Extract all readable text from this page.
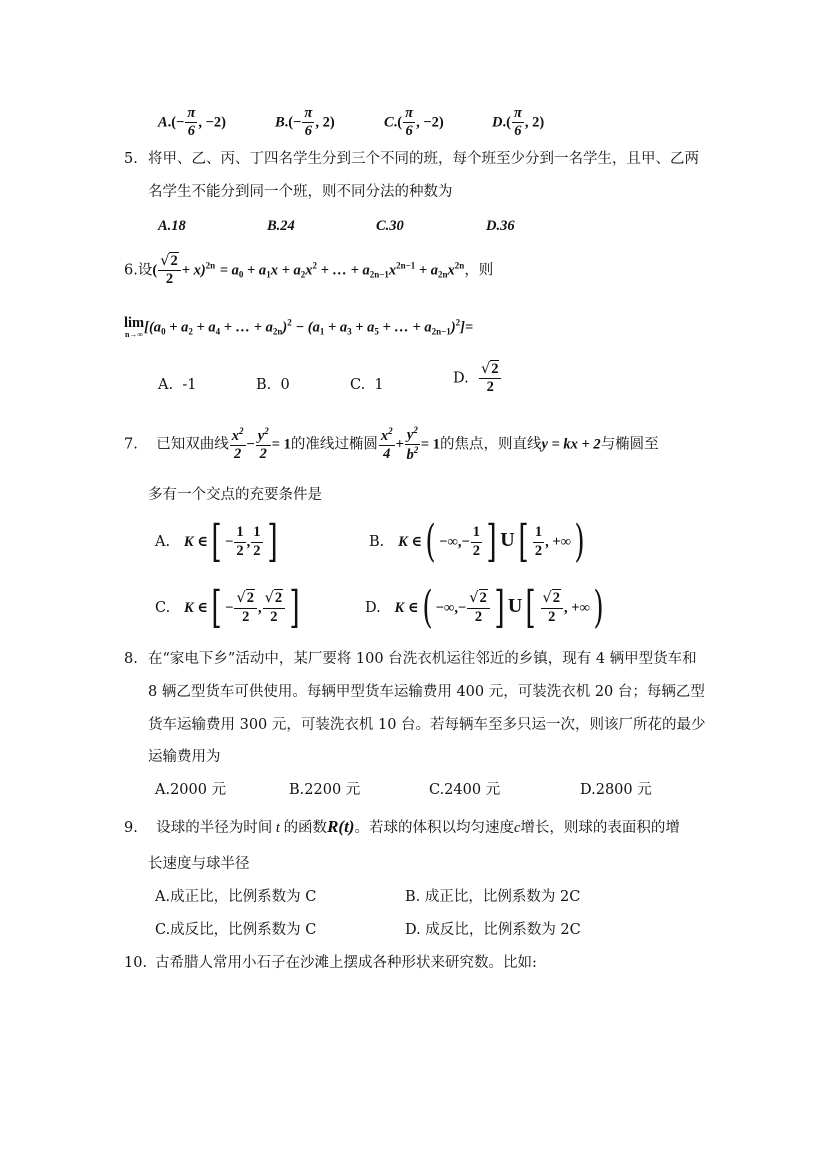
$A.(- \frac{\pi}{6}$ , −2)	$B.(- \frac{\pi}{6}$ , 2)	$C.( \frac{\pi}{6}$ , −2)	$D.( \frac{\pi}{6}$ , 2)
5. 将甲、乙、丙、丁四名学生分到三个不同的班，每个班至少分到一名学生，且甲、乙两
名学生不能分到同一个班，则不同分法的种数为
A.18	B.24	C.30	D.36
6.设( $\frac{√2}{2} + x)^{2n} = a_0 + a_1x + a_2x^2$ + … + $a_{2n-1}x^{2n-1} + a_{2n}x^{2n}$，则
lim
n→∞ [($a_0 + a_2 + a_4$ + … + $a_{2n})^2 - (a_1 + a_3 + a_5$ + … + $a_{2n-1})^2]=$
A. -1	B. 0	C. 1	D. $\frac{√2}{2}$
7. 已知双曲线 $\frac{x^2}{2} - \frac{y^2}{2} = 1$的准线过椭圆 $\frac{x^2}{4} + \frac{y^2}{b^2} = 1$的焦点，则直线y = kx + 2与椭圆至
多有一个交点的充要条件是
A. K ∈[ − $\frac{1}{2}$ , $\frac{1}{2}$ ]	B. K ∈( −∞,− $\frac{1}{2}$ ] $U[ \frac{1}{2}$ , +∞)
C. K ∈[ − $\frac{√2}{2}$ , $\frac{√2}{2}$ ]	D. K ∈( −∞,− $\frac{√2}{2}$ ] $U[ \frac{√2}{2}$ , +∞)
8. 在“家电下乡”活动中，某厂要将 100 台洗衣机运往邻近的乡镇，现有 4 辆甲型货车和
8 辆乙型货车可供使用。每辆甲型货车运输费用 400 元，可装洗衣机 20 台；每辆乙型
货车运输费用 300 元，可装洗衣机 10 台。若每辆车至多只运一次，则该厂所花的最少
运输费用为
A.2000 元	B.2200 元	C.2400 元	D.2800 元
9. 设球的半径为时间 t 的函数R(t)。若球的体积以均匀速度c增长，则球的表面积的增
长速度与球半径
A.成正比，比例系数为 C	B. 成正比，比例系数为 2C
C.成反比，比例系数为 C	D. 成反比，比例系数为 2C
10. 古希腊人常用小石子在沙滩上摆成各种形状来研究数。比如:
